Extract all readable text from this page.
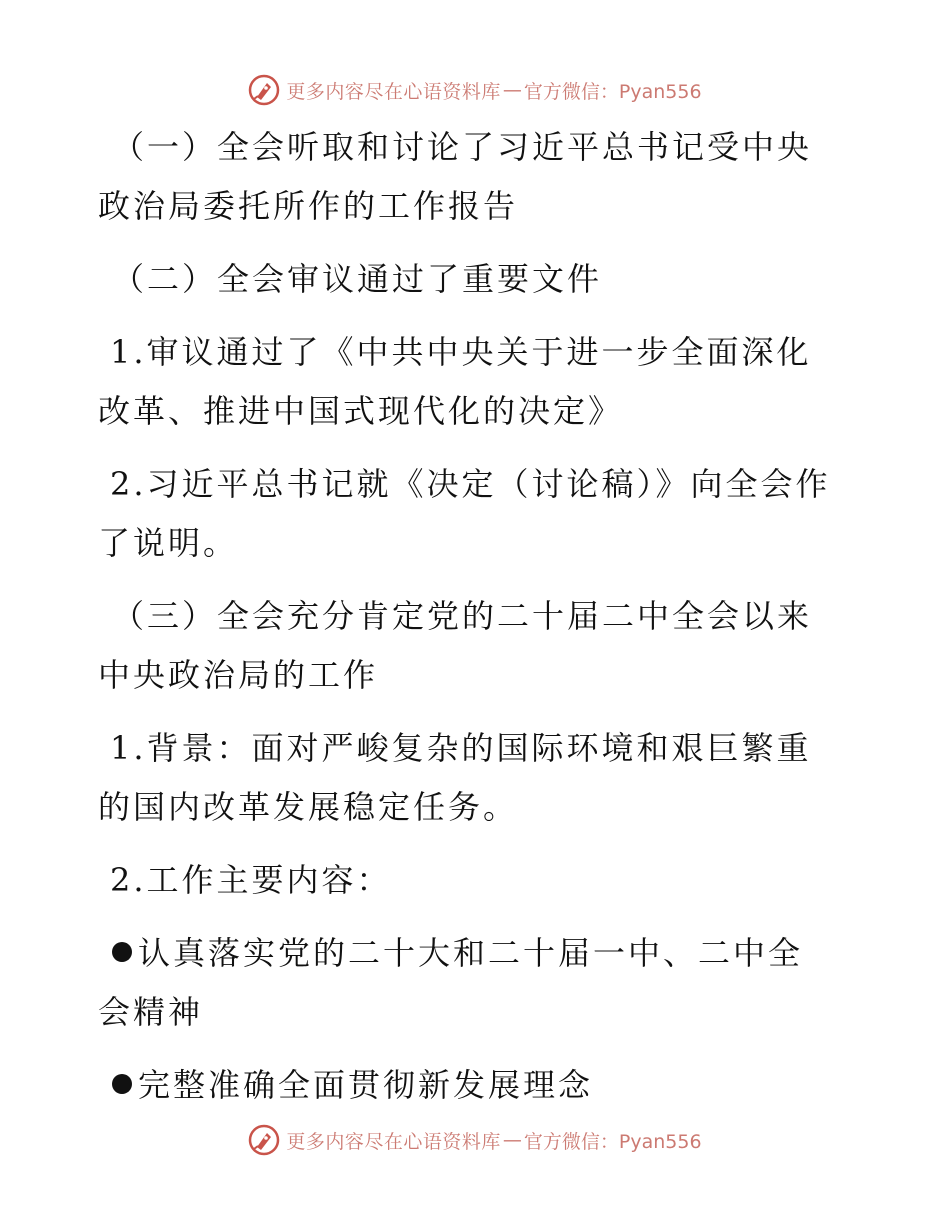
更多内容尽在心语资料库 — 官方微信：Pyan556

（一）全会听取和讨论了习近平总书记受中央政治局委托所作的工作报告

（二）全会审议通过了重要文件

1.审议通过了《中共中央关于进一步全面深化改革、推进中国式现代化的决定》

2.习近平总书记就《决定（讨论稿）》向全会作了说明。

（三）全会充分肯定党的二十届二中全会以来中央政治局的工作

1.背景：面对严峻复杂的国际环境和艰巨繁重的国内改革发展稳定任务。

2.工作主要内容：

认真落实党的二十大和二十届一中、二中全会精神

完整准确全面贯彻新发展理念

更多内容尽在心语资料库 — 官方微信：Pyan556
